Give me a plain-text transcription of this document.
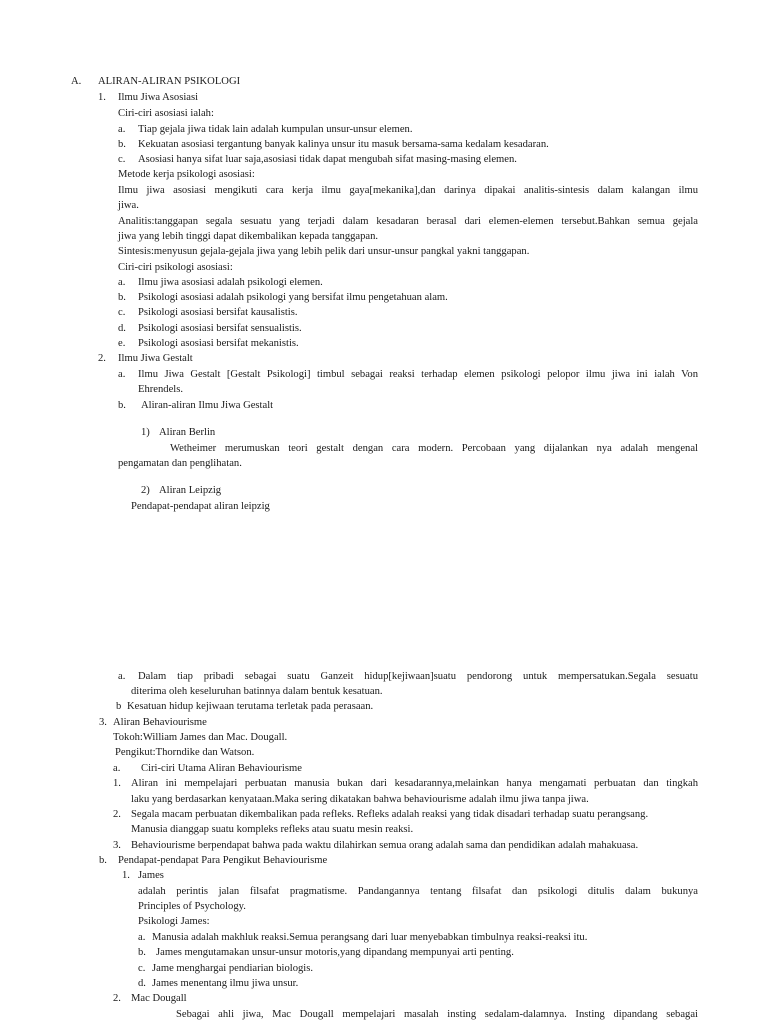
A. ALIRAN-ALIRAN PSIKOLOGI
1. Ilmu Jiwa Asosiasi
Ciri-ciri asosiasi ialah:
a. Tiap gejala jiwa tidak lain adalah kumpulan unsur-unsur elemen.
b. Kekuatan asosiasi tergantung banyak kalinya unsur itu masuk bersama-sama kedalam kesadaran.
c. Asosiasi hanya sifat luar saja,asosiasi tidak dapat mengubah sifat masing-masing elemen.
Metode kerja psikologi asosiasi:

Ilmu jiwa asosiasi mengikuti cara kerja ilmu gaya[mekanika],dan darinya dipakai analitis-sintesis dalam kalangan ilmu

jiwa.

Analitis:tanggapan segala sesuatu yang terjadi dalam kesadaran berasal dari elemen-elemen tersebut.Bahkan semua gejala

jiwa yang lebih tinggi dapat dikembalikan kepada tanggapan.
Sintesis:menyusun gejala-gejala jiwa yang lebih pelik dari unsur-unsur pangkal yakni tanggapan.
Ciri-ciri psikologi asosiasi:
a. Ilmu jiwa asosiasi adalah psikologi elemen.
b. Psikologi asosiasi adalah psikologi yang bersifat ilmu pengetahuan alam.
c. Psikologi asosiasi bersifat kausalistis.
d. Psikologi asosiasi bersifat sensualistis.
e. Psikologi asosiasi bersifat mekanistis.
2. Ilmu Jiwa Gestalt
a. Ilmu Jiwa Gestalt [Gestalt Psikologi] timbul sebagai reaksi terhadap elemen psikologi pelopor ilmu jiwa ini ialah Von

Ehrendels.
b. Aliran-aliran Ilmu Jiwa Gestalt
1) Aliran Berlin

Wetheimer merumuskan teori gestalt dengan cara modern. Percobaan yang dijalankan nya adalah mengenal

pengamatan dan penglihatan.
2) Aliran Leipzig
Pendapat-pendapat aliran leipzig
a. Dalam tiap pribadi sebagai suatu Ganzeit hidup[kejiwaan]suatu pendorong untuk mempersatukan.Segala sesuatu

diterima oleh keseluruhan batinnya dalam bentuk kesatuan.
b Kesatuan hidup kejiwaan terutama terletak pada perasaan.
3. Aliran Behaviourisme
Tokoh:William James dan Mac. Dougall.
Pengikut:Thorndike dan Watson.
a. Ciri-ciri Utama Aliran Behaviourisme
1. Aliran ini mempelajari perbuatan manusia bukan dari kesadarannya,melainkan hanya mengamati perbuatan dan tingkah

laku yang berdasarkan kenyataan.Maka sering dikatakan bahwa behaviourisme adalah ilmu jiwa tanpa jiwa.
2. Segala macam perbuatan dikembalikan pada refleks. Refleks adalah reaksi yang tidak disadari terhadap suatu perangsang.
Manusia dianggap suatu kompleks refleks atau suatu mesin reaksi.
3. Behaviourisme berpendapat bahwa pada waktu dilahirkan semua orang adalah sama dan pendidikan adalah mahakuasa.
b. Pendapat-pendapat Para Pengikut Behaviourisme
1. James

adalah perintis jalan filsafat pragmatisme. Pandangannya tentang filsafat dan psikologi ditulis dalam bukunya

Principles of Psychology.
Psikologi James:
a. Manusia adalah makhluk reaksi.Semua perangsang dari luar menyebabkan timbulnya reaksi-reaksi itu.
b. James mengutamakan unsur-unsur motoris,yang dipandang mempunyai arti penting.
c. Jame menghargai pendiarian biologis.
d. James menentang ilmu jiwa unsur.
2. Mac Dougall

Sebagai ahli jiwa, Mac Dougall mempelajari masalah insting sedalam-dalamnya. Insting dipandang sebagai
